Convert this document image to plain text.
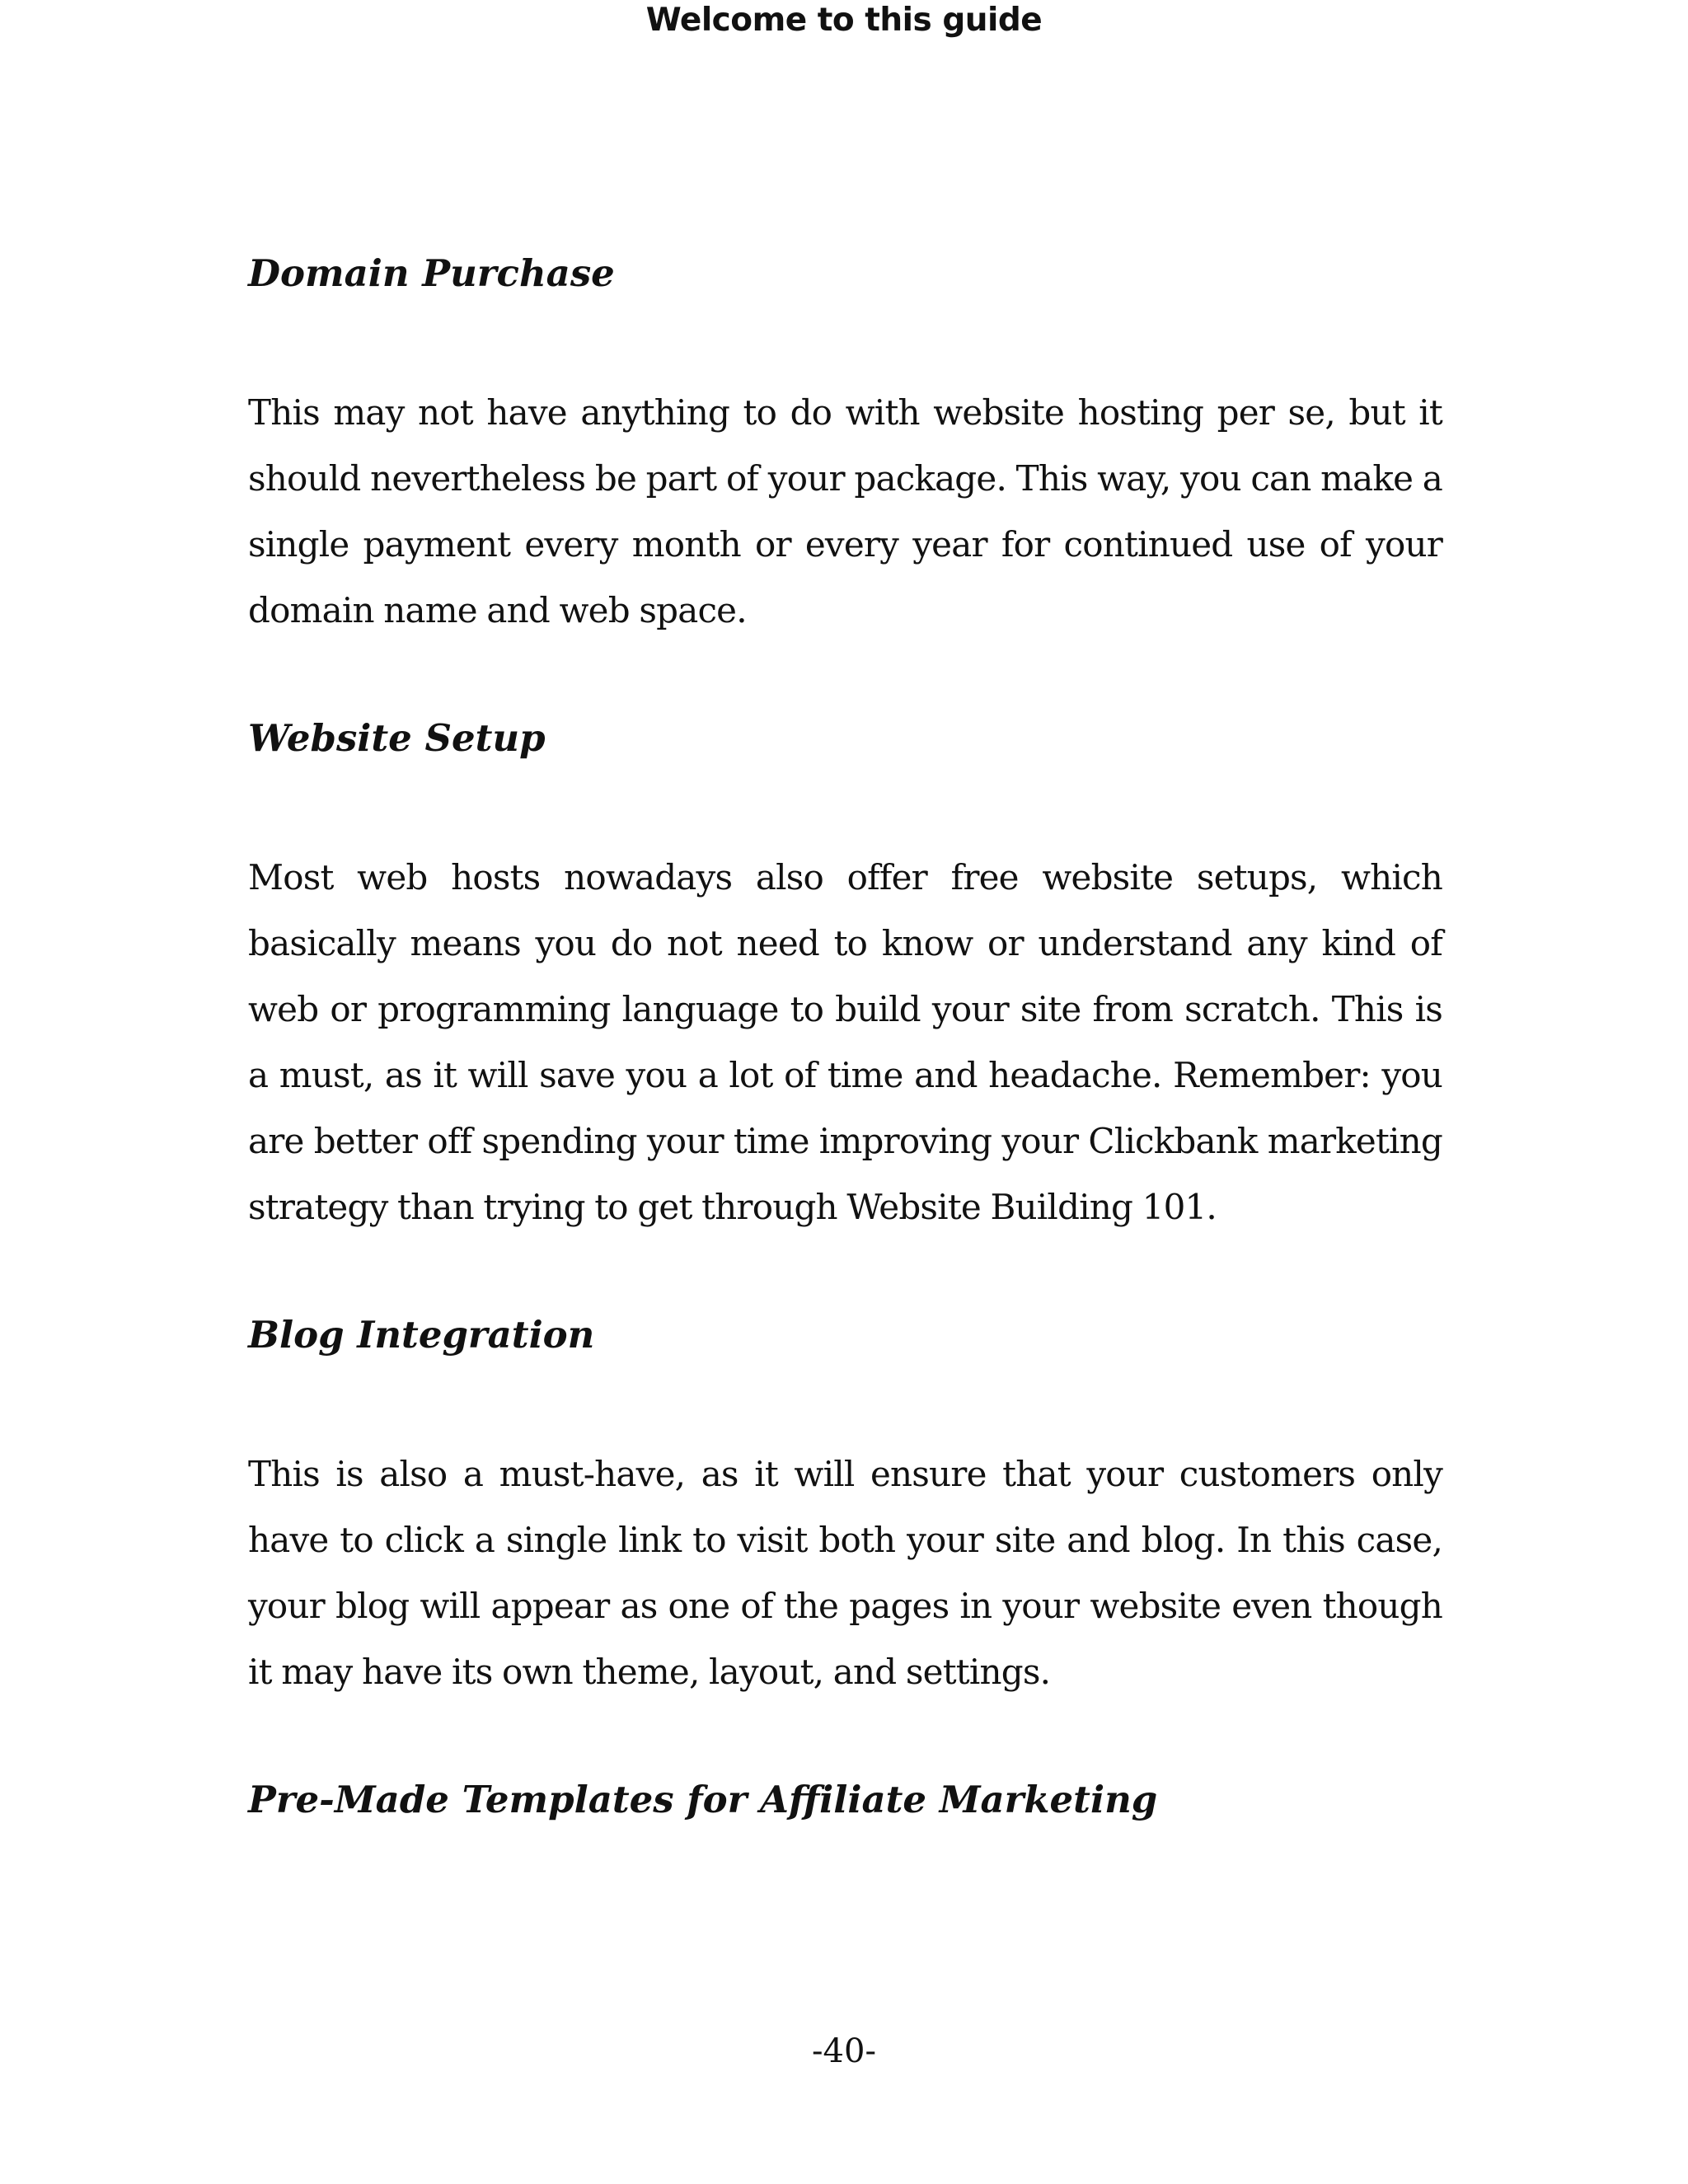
Welcome to this guide
Domain Purchase
This may not have anything to do with website hosting per se, but it should nevertheless be part of your package. This way, you can make a single payment every month or every year for continued use of your domain name and web space.
Website Setup
Most web hosts nowadays also offer free website setups, which basically means you do not need to know or understand any kind of web or programming language to build your site from scratch. This is a must, as it will save you a lot of time and headache. Remember: you are better off spending your time improving your Clickbank marketing strategy than trying to get through Website Building 101.
Blog Integration
This is also a must-have, as it will ensure that your customers only have to click a single link to visit both your site and blog. In this case, your blog will appear as one of the pages in your website even though it may have its own theme, layout, and settings.
Pre-Made Templates for Affiliate Marketing
-40-
